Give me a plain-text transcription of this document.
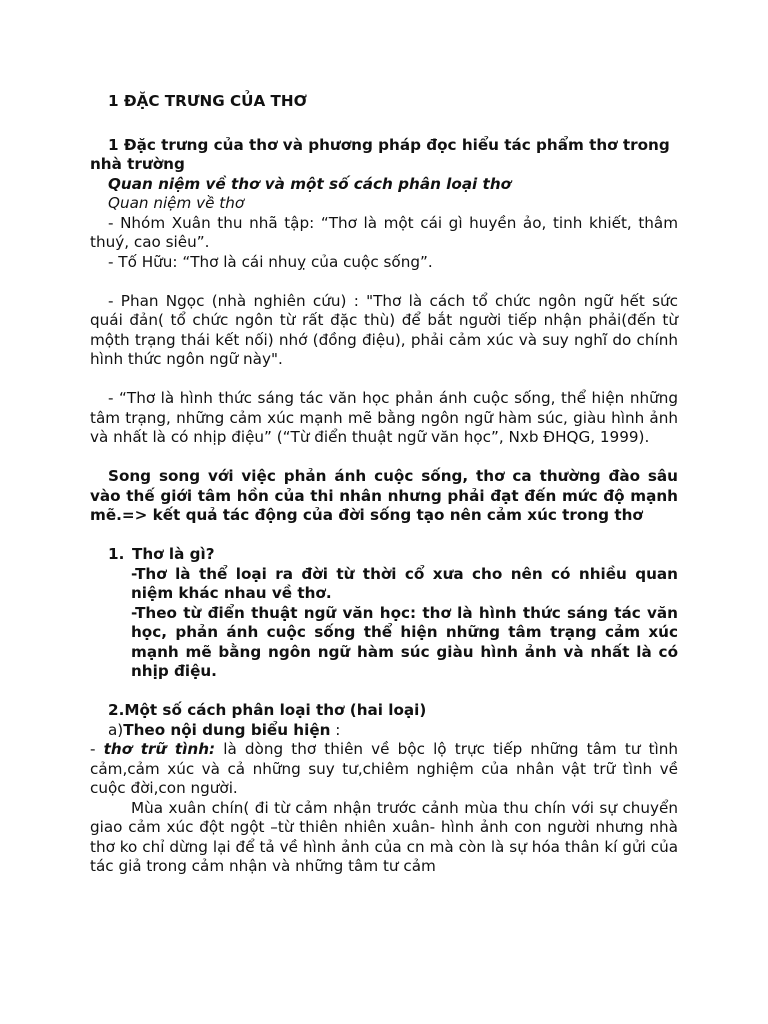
1 ĐẶC TRƯNG CỦA THƠ

1 Đặc trưng của thơ và phương pháp đọc hiểu tác phẩm thơ trong nhà trường

Quan niệm về thơ và một số cách phân loại thơ

Quan niệm về thơ

- Nhóm Xuân thu nhã tập: “Thơ là một cái gì huyền ảo, tinh khiết, thâm thuý, cao siêu”.

- Tố Hữu: “Thơ là cái nhuỵ của cuộc sống”.

- Phan Ngọc (nhà nghiên cứu) : "Thơ là cách tổ chức ngôn ngữ hết sức quái đản( tổ chức ngôn từ rất đặc thù) để bắt người tiếp nhận phải(đến từ mộth trạng thái kết nối) nhớ (đồng điệu), phải cảm xúc và suy nghĩ do chính hình thức ngôn ngữ này".

- “Thơ là hình thức sáng tác văn học phản ánh cuộc sống, thể hiện những tâm trạng, những cảm xúc mạnh mẽ bằng ngôn ngữ hàm súc, giàu hình ảnh và nhất là có nhịp điệu” (“Từ điển thuật ngữ văn học”, Nxb ĐHQG, 1999).

Song song với việc phản ánh cuộc sống, thơ ca thường đào sâu vào thế giới tâm hồn của thi nhân nhưng phải đạt đến mức độ mạnh mẽ.=> kết quả tác động của đời sống tạo nên cảm xúc trong thơ

1. Thơ là gì?

-Thơ là thể loại ra đời từ thời cổ xưa cho nên có nhiều quan niệm khác nhau về thơ.

-Theo từ điển thuật ngữ văn học: thơ là hình thức sáng tác văn học, phản ánh cuộc sống thể hiện những tâm trạng cảm xúc mạnh mẽ bằng ngôn ngữ hàm súc giàu hình ảnh và nhất là có nhịp điệu.

2.Một số cách phân loại thơ (hai loại)

a)Theo nội dung biểu hiện :

- thơ trữ tình: là dòng thơ thiên về bộc lộ trực tiếp những tâm tư tình cảm,cảm xúc và cả những suy tư,chiêm nghiệm của nhân vật trữ tình về cuộc đời,con người.

Mùa xuân chín( đi từ cảm nhận trước cảnh mùa thu chín với sự chuyển giao cảm xúc đột ngột –từ thiên nhiên xuân- hình ảnh con người nhưng nhà thơ ko chỉ dừng lại để tả về hình ảnh của cn mà còn là sự hóa thân kí gửi của tác giả trong cảm nhận và những tâm tư cảm
